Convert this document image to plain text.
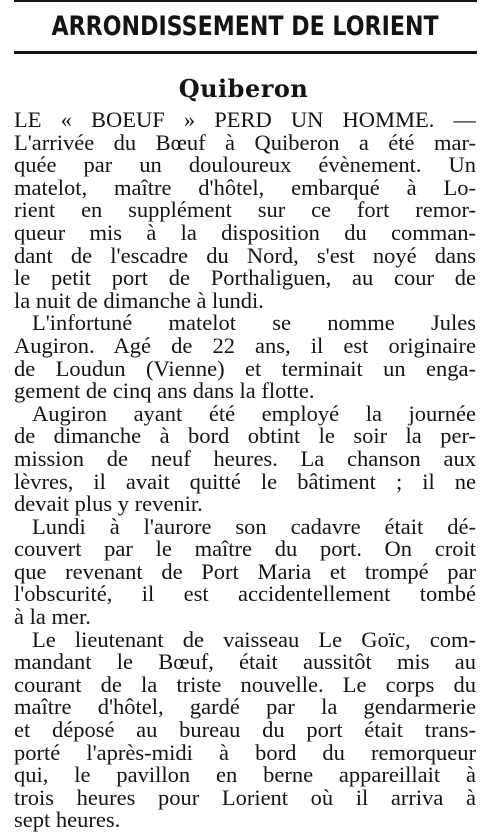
ARRONDISSEMENT DE LORIENT
Quiberon
LE « BOEUF » PERD UN HOMME. —
L'arrivée du Bœuf à Quiberon a été mar-
quée par un douloureux évènement. Un
matelot, maître d'hôtel, embarqué à Lo-
rient en supplément sur ce fort remor-
queur mis à la disposition du comman-
dant de l'escadre du Nord, s'est noyé dans
le petit port de Porthaliguen, au cour de
la nuit de dimanche à lundi.
L'infortuné matelot se nomme Jules
Augiron. Agé de 22 ans, il est originaire
de Loudun (Vienne) et terminait un enga-
gement de cinq ans dans la flotte.
Augiron ayant été employé la journée
de dimanche à bord obtint le soir la per-
mission de neuf heures. La chanson aux
lèvres, il avait quitté le bâtiment ; il ne
devait plus y revenir.
Lundi à l'aurore son cadavre était dé-
couvert par le maître du port. On croit
que revenant de Port Maria et trompé par
l'obscurité, il est accidentellement tombé
à la mer.
Le lieutenant de vaisseau Le Goïc, com-
mandant le Bœuf, était aussitôt mis au
courant de la triste nouvelle. Le corps du
maître d'hôtel, gardé par la gendarmerie
et déposé au bureau du port était trans-
porté l'après-midi à bord du remorqueur
qui, le pavillon en berne appareillait à
trois heures pour Lorient où il arriva à
sept heures.
